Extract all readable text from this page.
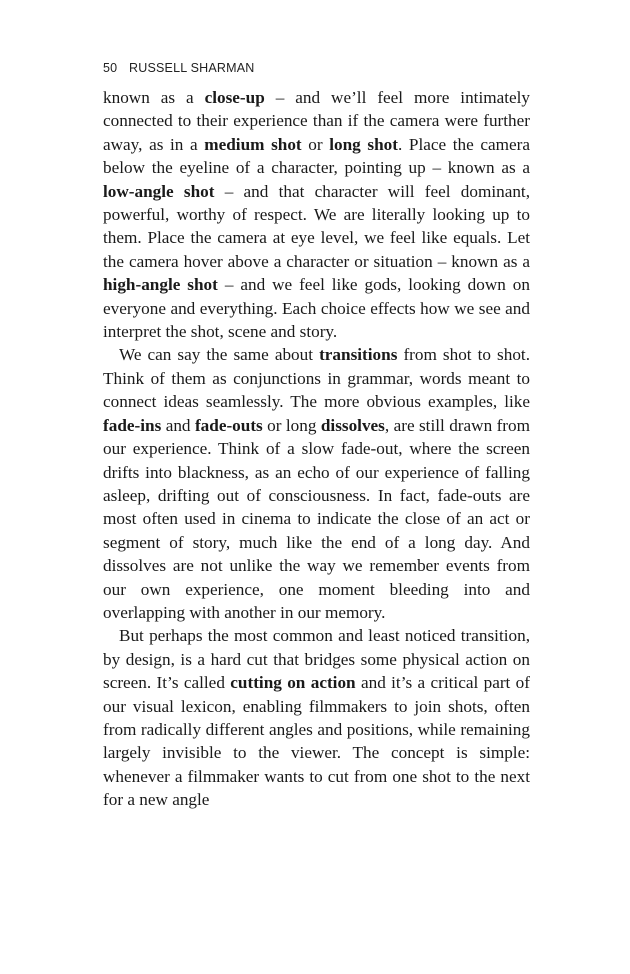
50 RUSSELL SHARMAN

known as a close-up – and we’ll feel more intimately connected to their experience than if the camera were further away, as in a medium shot or long shot. Place the camera below the eyeline of a character, pointing up – known as a low-angle shot – and that character will feel dominant, powerful, worthy of respect. We are literally looking up to them. Place the camera at eye level, we feel like equals. Let the camera hover above a character or situation – known as a high-angle shot – and we feel like gods, looking down on everyone and everything. Each choice effects how we see and interpret the shot, scene and story.

We can say the same about transitions from shot to shot. Think of them as conjunctions in grammar, words meant to connect ideas seamlessly. The more obvious examples, like fade-ins and fade-outs or long dissolves, are still drawn from our experience. Think of a slow fade-out, where the screen drifts into blackness, as an echo of our experience of falling asleep, drifting out of consciousness. In fact, fade-outs are most often used in cinema to indicate the close of an act or segment of story, much like the end of a long day. And dissolves are not unlike the way we remember events from our own experience, one moment bleeding into and overlapping with another in our memory.

But perhaps the most common and least noticed transition, by design, is a hard cut that bridges some physical action on screen. It’s called cutting on action and it’s a critical part of our visual lexicon, enabling filmmakers to join shots, often from radically different angles and positions, while remaining largely invisible to the viewer. The concept is simple: whenever a filmmaker wants to cut from one shot to the next for a new angle
